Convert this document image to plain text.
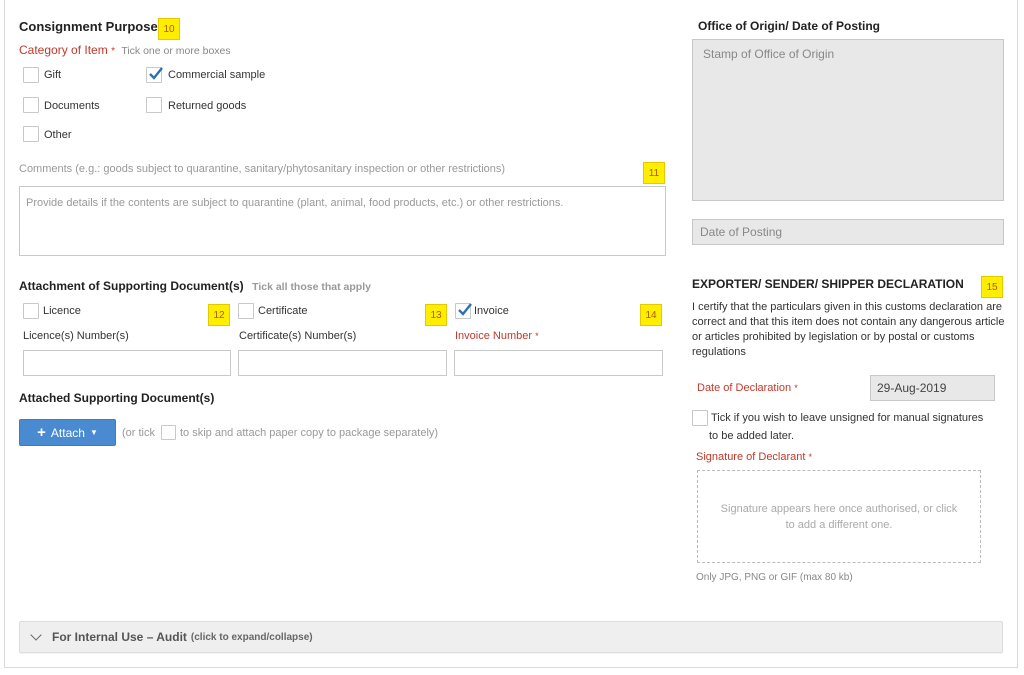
Consignment Purpose 10
Category of Item * Tick one or more boxes
Gift	Commercial sample
Documents	Returned goods
Other
Comments (e.g.: goods subject to quarantine, sanitary/phytosanitary inspection or other restrictions)	11
Provide details if the contents are subject to quarantine (plant, animal, food products, etc.) or other restrictions.
Attachment of Supporting Document(s) Tick all those that apply
Licence	12
Licence(s) Number(s)
Certificate	13
Certificate(s) Number(s)
Invoice	14
Invoice Number *
Attached Supporting Document(s)
+ Attach ▼ (or tick to skip and attach paper copy to package separately)
Office of Origin/ Date of Posting
Stamp of Office of Origin
Date of Posting
EXPORTER/ SENDER/ SHIPPER DECLARATION	15
I certify that the particulars given in this customs declaration are correct and that this item does not contain any dangerous article or articles prohibited by legislation or by postal or customs regulations
Date of Declaration *	29-Aug-2019
Tick if you wish to leave unsigned for manual signatures
to be added later.
Signature of Declarant *
Signature appears here once authorised, or click to add a different one.
Only JPG, PNG or GIF (max 80 kb)
For Internal Use – Audit (click to expand/collapse)
